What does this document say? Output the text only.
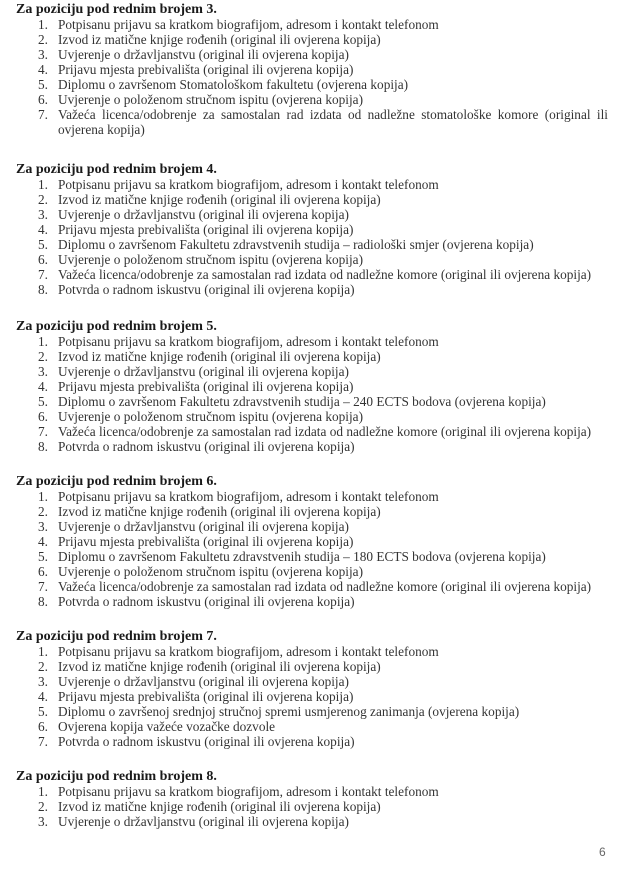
Za poziciju pod rednim brojem 3.
1. Potpisanu prijavu sa kratkom biografijom, adresom i kontakt telefonom
2. Izvod iz matične knjige rođenih (original ili ovjerena kopija)
3. Uvjerenje o državljanstvu (original ili ovjerena kopija)
4. Prijavu mjesta prebivališta (original ili ovjerena kopija)
5. Diplomu o završenom Stomatološkom fakultetu (ovjerena kopija)
6. Uvjerenje o položenom stručnom ispitu (ovjerena kopija)
7. Važeća licenca/odobrenje za samostalan rad izdata od nadležne stomatološke komore (original ili ovjerena kopija)
Za poziciju pod rednim brojem 4.
1. Potpisanu prijavu sa kratkom biografijom, adresom i kontakt telefonom
2. Izvod iz matične knjige rođenih (original ili ovjerena kopija)
3. Uvjerenje o državljanstvu (original ili ovjerena kopija)
4. Prijavu mjesta prebivališta (original ili ovjerena kopija)
5. Diplomu o završenom Fakultetu zdravstvenih studija – radiološki smjer (ovjerena kopija)
6. Uvjerenje o položenom stručnom ispitu (ovjerena kopija)
7. Važeća licenca/odobrenje za samostalan rad izdata od nadležne komore (original ili ovjerena kopija)
8. Potvrda o radnom iskustvu (original ili ovjerena kopija)
Za poziciju pod rednim brojem 5.
1. Potpisanu prijavu sa kratkom biografijom, adresom i kontakt telefonom
2. Izvod iz matične knjige rođenih (original ili ovjerena kopija)
3. Uvjerenje o državljanstvu (original ili ovjerena kopija)
4. Prijavu mjesta prebivališta (original ili ovjerena kopija)
5. Diplomu o završenom Fakultetu zdravstvenih studija – 240 ECTS bodova (ovjerena kopija)
6. Uvjerenje o položenom stručnom ispitu (ovjerena kopija)
7. Važeća licenca/odobrenje za samostalan rad izdata od nadležne komore (original ili ovjerena kopija)
8. Potvrda o radnom iskustvu (original ili ovjerena kopija)
Za poziciju pod rednim brojem 6.
1. Potpisanu prijavu sa kratkom biografijom, adresom i kontakt telefonom
2. Izvod iz matične knjige rođenih (original ili ovjerena kopija)
3. Uvjerenje o državljanstvu (original ili ovjerena kopija)
4. Prijavu mjesta prebivališta (original ili ovjerena kopija)
5. Diplomu o završenom Fakultetu zdravstvenih studija – 180 ECTS bodova (ovjerena kopija)
6. Uvjerenje o položenom stručnom ispitu (ovjerena kopija)
7. Važeća licenca/odobrenje za samostalan rad izdata od nadležne komore (original ili ovjerena kopija)
8. Potvrda o radnom iskustvu (original ili ovjerena kopija)
Za poziciju pod rednim brojem 7.
1. Potpisanu prijavu sa kratkom biografijom, adresom i kontakt telefonom
2. Izvod iz matične knjige rođenih (original ili ovjerena kopija)
3. Uvjerenje o državljanstvu (original ili ovjerena kopija)
4. Prijavu mjesta prebivališta (original ili ovjerena kopija)
5. Diplomu o završenoj srednjoj stručnoj spremi usmjerenog zanimanja (ovjerena kopija)
6. Ovjerena kopija važeće vozačke dozvole
7. Potvrda o radnom iskustvu (original ili ovjerena kopija)
Za poziciju pod rednim brojem 8.
1. Potpisanu prijavu sa kratkom biografijom, adresom i kontakt telefonom
2. Izvod iz matične knjige rođenih (original ili ovjerena kopija)
3. Uvjerenje o državljanstvu (original ili ovjerena kopija)
6
